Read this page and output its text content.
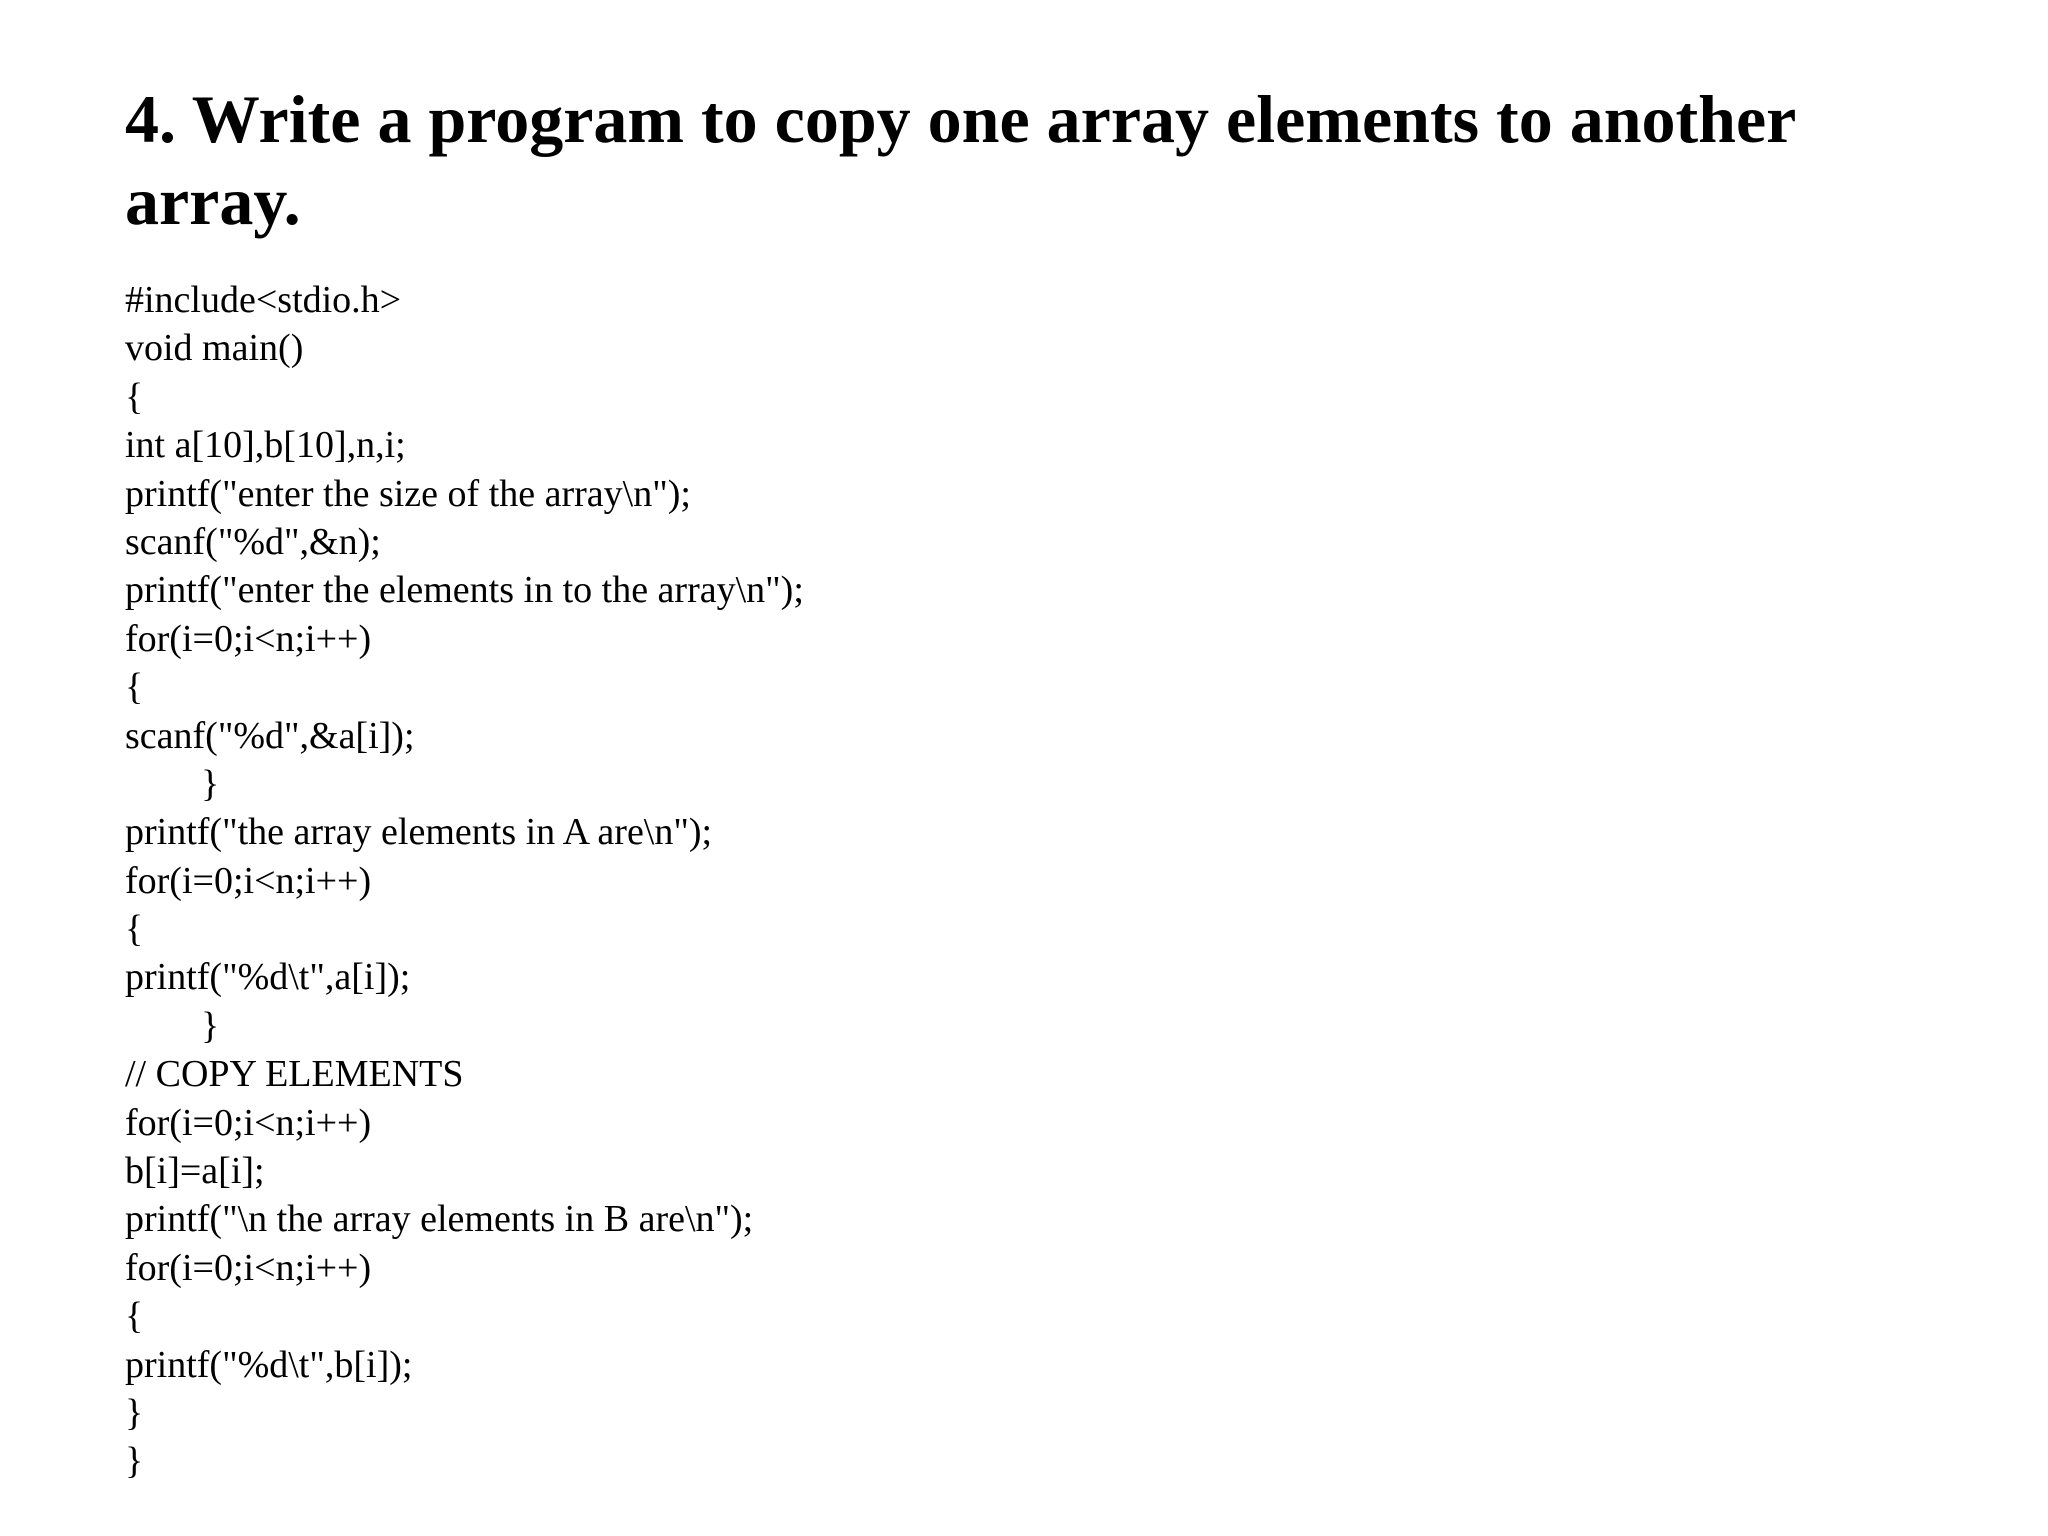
4. Write a program to copy one array elements to another array.
#include<stdio.h>
void main()
{
int a[10],b[10],n,i;
printf("enter the size of the array\n");
scanf("%d",&n);
printf("enter the elements in to the array\n");
for(i=0;i<n;i++)
{
scanf("%d",&a[i]);
}
printf("the array elements in A are\n");
for(i=0;i<n;i++)
{
printf("%d\t",a[i]);
}
// COPY ELEMENTS
for(i=0;i<n;i++)
b[i]=a[i];
printf("\n the array elements in B are\n");
for(i=0;i<n;i++)
{
printf("%d\t",b[i]);
}
}
